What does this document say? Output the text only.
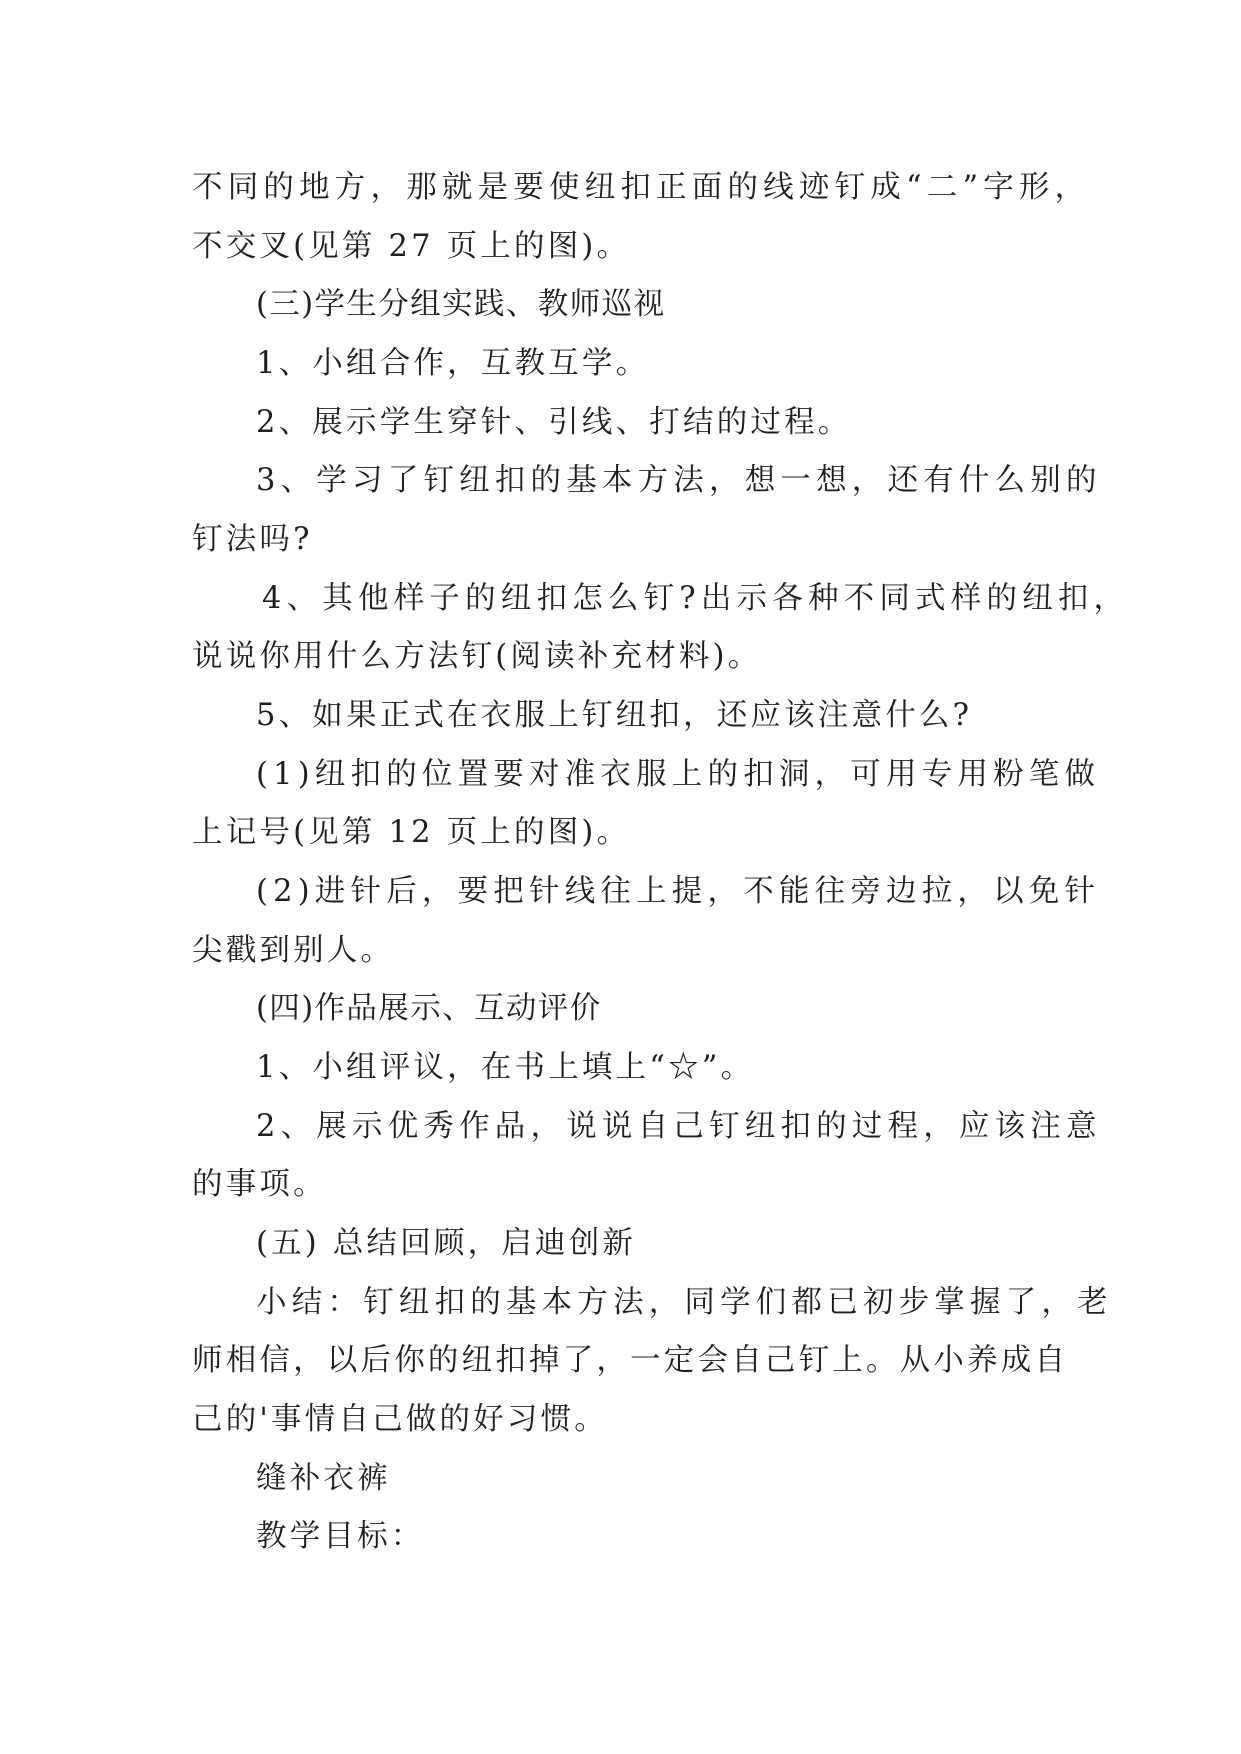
不同的地方，那就是要使纽扣正面的线迹钉成“二”字形，
不交叉(见第 27 页上的图)。
(三)学生分组实践、教师巡视
1、小组合作，互教互学。
2、展示学生穿针、引线、打结的过程。
3、学习了钉纽扣的基本方法，想一想，还有什么别的
钉法吗?
4、其他样子的纽扣怎么钉?出示各种不同式样的纽扣，
说说你用什么方法钉(阅读补充材料)。
5、如果正式在衣服上钉纽扣，还应该注意什么?
(1)纽扣的位置要对准衣服上的扣洞，可用专用粉笔做
上记号(见第 12 页上的图)。
(2)进针后，要把针线往上提，不能往旁边拉，以免针
尖戳到别人。
(四)作品展示、互动评价
1、小组评议，在书上填上“☆”。
2、展示优秀作品，说说自己钉纽扣的过程，应该注意
的事项。
(五) 总结回顾，启迪创新
小结：钉纽扣的基本方法，同学们都已初步掌握了，老
师相信，以后你的纽扣掉了，一定会自己钉上。从小养成自
己的'事情自己做的好习惯。
缝补衣裤
教学目标：
